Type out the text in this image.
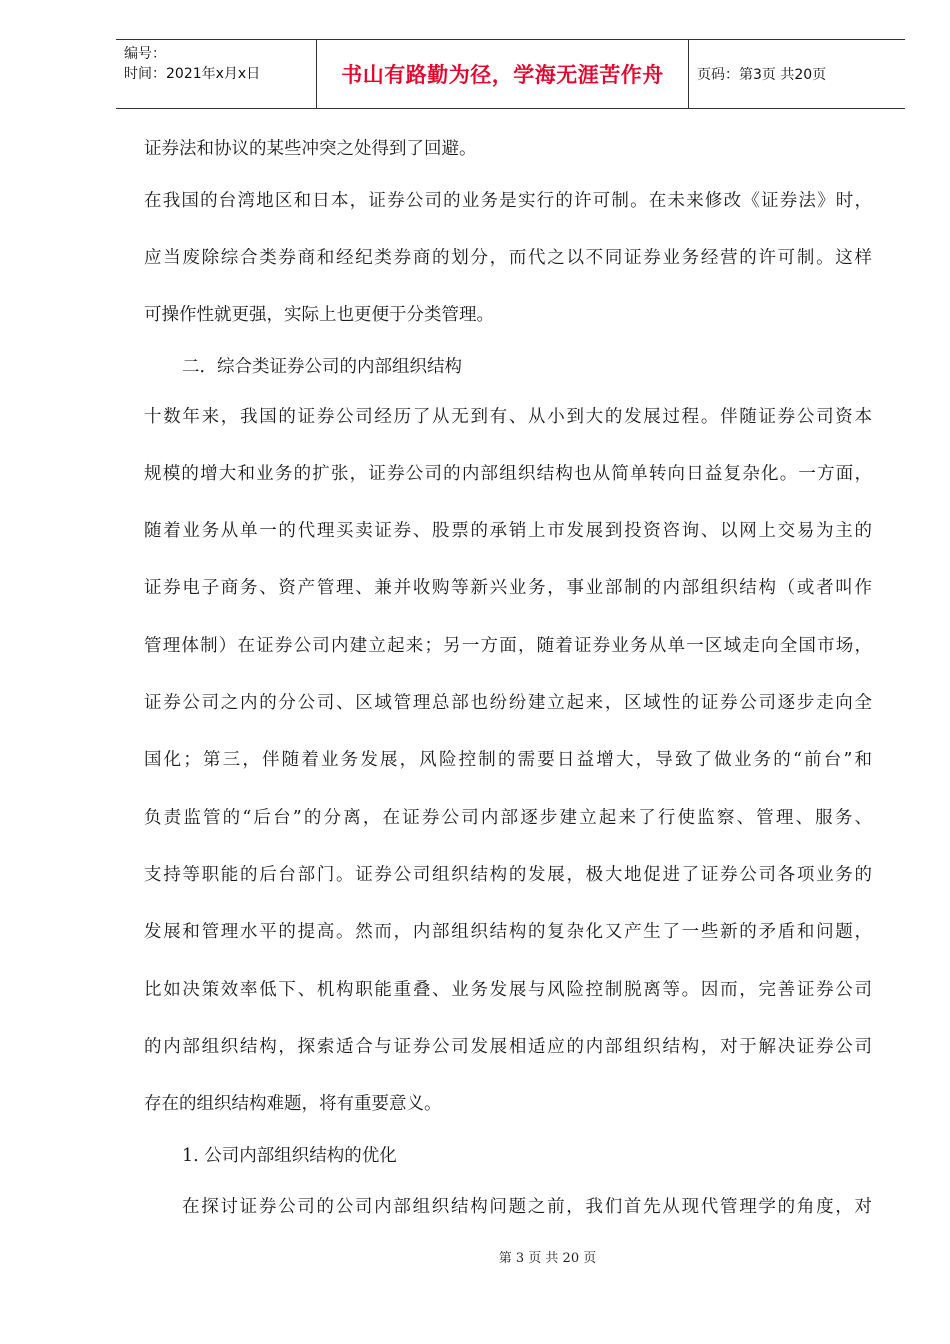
编号：
时间：2021年x月x日	书山有路勤为径，学海无涯苦作舟	页码：第3页 共20页
证券法和协议的某些冲突之处得到了回避。
在我国的台湾地区和日本，证券公司的业务是实行的许可制。在未来修改《证券法》时，
应当废除综合类券商和经纪类券商的划分，而代之以不同证券业务经营的许可制。这样
可操作性就更强，实际上也更便于分类管理。
二．综合类证券公司的内部组织结构
十数年来，我国的证券公司经历了从无到有、从小到大的发展过程。伴随证券公司资本
规模的增大和业务的扩张，证券公司的内部组织结构也从简单转向日益复杂化。一方面，
随着业务从单一的代理买卖证券、股票的承销上市发展到投资咨询、以网上交易为主的
证券电子商务、资产管理、兼并收购等新兴业务，事业部制的内部组织结构（或者叫作
管理体制）在证券公司内建立起来；另一方面，随着证券业务从单一区域走向全国市场，
证券公司之内的分公司、区域管理总部也纷纷建立起来，区域性的证券公司逐步走向全
国化；第三，伴随着业务发展，风险控制的需要日益增大，导致了做业务的“前台”和
负责监管的“后台”的分离，在证券公司内部逐步建立起来了行使监察、管理、服务、
支持等职能的后台部门。证券公司组织结构的发展，极大地促进了证券公司各项业务的
发展和管理水平的提高。然而，内部组织结构的复杂化又产生了一些新的矛盾和问题，
比如决策效率低下、机构职能重叠、业务发展与风险控制脱离等。因而，完善证券公司
的内部组织结构，探索适合与证券公司发展相适应的内部组织结构，对于解决证券公司
存在的组织结构难题，将有重要意义。
1. 公司内部组织结构的优化
在探讨证券公司的公司内部组织结构问题之前，我们首先从现代管理学的角度，对
第 3 页 共 20 页
